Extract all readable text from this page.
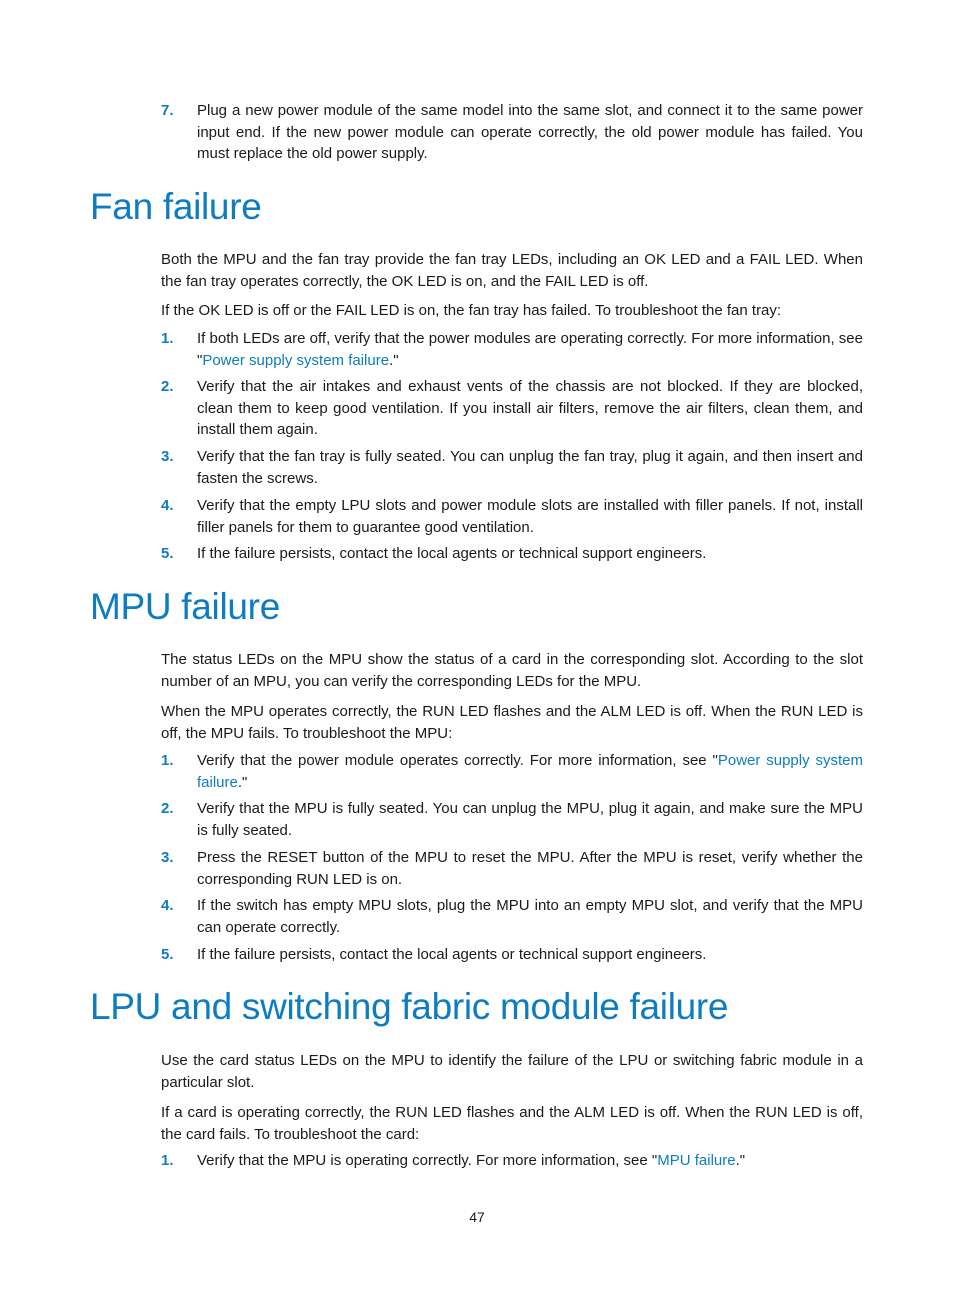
7.	Plug a new power module of the same model into the same slot, and connect it to the same power input end. If the new power module can operate correctly, the old power module has failed. You must replace the old power supply.
Fan failure

Both the MPU and the fan tray provide the fan tray LEDs, including an OK LED and a FAIL LED. When the fan tray operates correctly, the OK LED is on, and the FAIL LED is off.

If the OK LED is off or the FAIL LED is on, the fan tray has failed. To troubleshoot the fan tray:

1.	If both LEDs are off, verify that the power modules are operating correctly. For more information, see "Power supply system failure."
2.	Verify that the air intakes and exhaust vents of the chassis are not blocked. If they are blocked, clean them to keep good ventilation. If you install air filters, remove the air filters, clean them, and install them again.
3.	Verify that the fan tray is fully seated. You can unplug the fan tray, plug it again, and then insert and fasten the screws.
4.	Verify that the empty LPU slots and power module slots are installed with filler panels. If not, install filler panels for them to guarantee good ventilation.
5.	If the failure persists, contact the local agents or technical support engineers.
MPU failure

The status LEDs on the MPU show the status of a card in the corresponding slot. According to the slot number of an MPU, you can verify the corresponding LEDs for the MPU.

When the MPU operates correctly, the RUN LED flashes and the ALM LED is off. When the RUN LED is off, the MPU fails. To troubleshoot the MPU:

1.	Verify that the power module operates correctly. For more information, see "Power supply system failure."
2.	Verify that the MPU is fully seated. You can unplug the MPU, plug it again, and make sure the MPU is fully seated.
3.	Press the RESET button of the MPU to reset the MPU. After the MPU is reset, verify whether the corresponding RUN LED is on.
4.	If the switch has empty MPU slots, plug the MPU into an empty MPU slot, and verify that the MPU can operate correctly.
5.	If the failure persists, contact the local agents or technical support engineers.
LPU and switching fabric module failure

Use the card status LEDs on the MPU to identify the failure of the LPU or switching fabric module in a particular slot.

If a card is operating correctly, the RUN LED flashes and the ALM LED is off. When the RUN LED is off, the card fails. To troubleshoot the card:

1.	Verify that the MPU is operating correctly. For more information, see "MPU failure."
47
